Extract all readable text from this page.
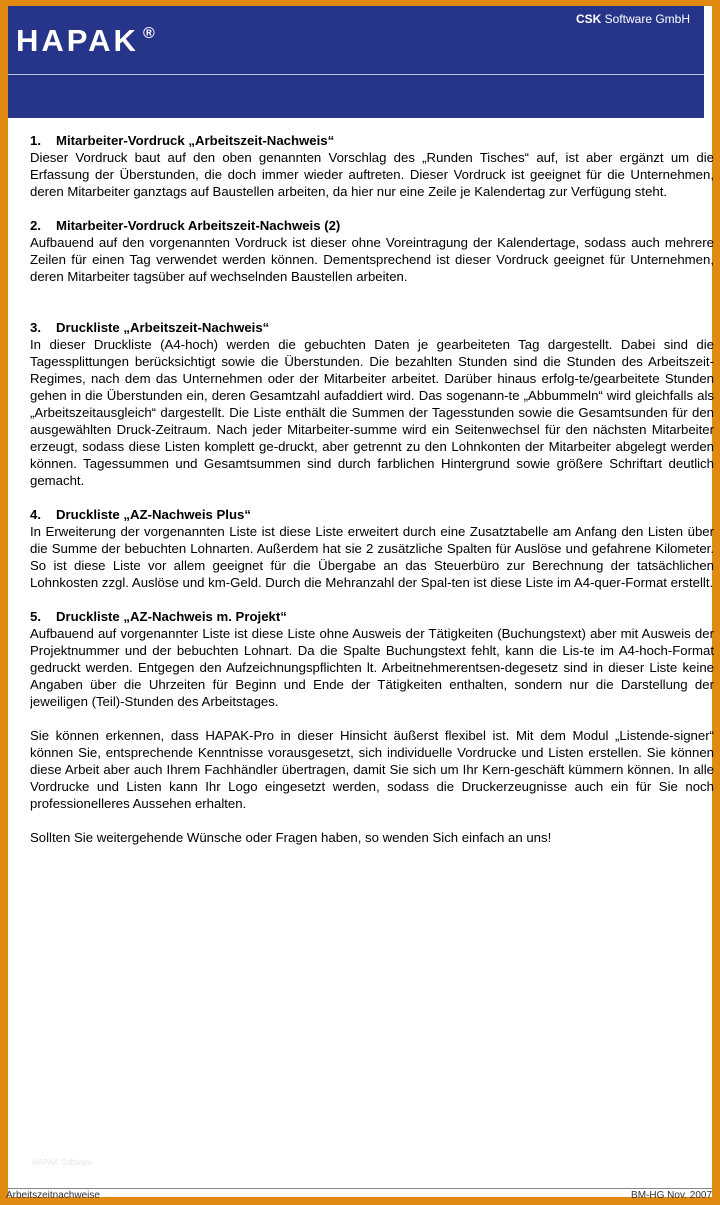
HAPAK ®
CSK Software GmbH
1. Mitarbeiter-Vordruck „Arbeitszeit-Nachweis“

Dieser Vordruck baut auf den oben genannten Vorschlag des „Runden Tisches“ auf, ist aber ergänzt um die Erfassung der Überstunden, die doch immer wieder auftreten. Dieser Vordruck ist geeignet für die Unternehmen, deren Mitarbeiter ganztags auf Baustellen arbeiten, da hier nur eine Zeile je Kalendertag zur Verfügung steht.

2. Mitarbeiter-Vordruck Arbeitszeit-Nachweis (2)

Aufbauend auf den vorgenannten Vordruck ist dieser ohne Voreintragung der Kalendertage, sodass auch mehrere Zeilen für einen Tag verwendet werden können. Dementsprechend ist dieser Vordruck geeignet für Unternehmen, deren Mitarbeiter tagsüber auf wechselnden Baustellen arbeiten.

3. Druckliste „Arbeitszeit-Nachweis“

In dieser Druckliste (A4-hoch) werden die gebuchten Daten je gearbeiteten Tag dargestellt. Dabei sind die Tagessplittungen berücksichtigt sowie die Überstunden. Die bezahlten Stunden sind die Stunden des Arbeitszeit-Regimes, nach dem das Unternehmen oder der Mitarbeiter arbeitet. Darüber hinaus erfolg-te/gearbeitete Stunden gehen in die Überstunden ein, deren Gesamtzahl aufaddiert wird. Das sogenann-te „Abbummeln“ wird gleichfalls als „Arbeitszeitausgleich“ dargestellt. Die Liste enthält die Summen der Tagesstunden sowie die Gesamtsunden für den ausgewählten Druck-Zeitraum. Nach jeder Mitarbeiter-summe wird ein Seitenwechsel für den nächsten Mitarbeiter erzeugt, sodass diese Listen komplett ge-druckt, aber getrennt zu den Lohnkonten der Mitarbeiter abgelegt werden können. Tagessummen und Gesamtsummen sind durch farblichen Hintergrund sowie größere Schriftart deutlich gemacht.

4. Druckliste „AZ-Nachweis Plus“

In Erweiterung der vorgenannten Liste ist diese Liste erweitert durch eine Zusatztabelle am Anfang den Listen über die Summe der bebuchten Lohnarten. Außerdem hat sie 2 zusätzliche Spalten für Auslöse und gefahrene Kilometer. So ist diese Liste vor allem geeignet für die Übergabe an das Steuerbüro zur Berechnung der tatsächlichen Lohnkosten zzgl. Auslöse und km-Geld. Durch die Mehranzahl der Spal-ten ist diese Liste im A4-quer-Format erstellt.

5. Druckliste „AZ-Nachweis m. Projekt“

Aufbauend auf vorgenannter Liste ist diese Liste ohne Ausweis der Tätigkeiten (Buchungstext) aber mit Ausweis der Projektnummer und der bebuchten Lohnart. Da die Spalte Buchungstext fehlt, kann die Lis-te im A4-hoch-Format gedruckt werden. Entgegen den Aufzeichnungspflichten lt. Arbeitnehmerentsen-degesetz sind in dieser Liste keine Angaben über die Uhrzeiten für Beginn und Ende der Tätigkeiten enthalten, sondern nur die Darstellung der jeweiligen (Teil)-Stunden des Arbeitstages.

Sie können erkennen, dass HAPAK-Pro in dieser Hinsicht äußerst flexibel ist. Mit dem Modul „Listende-signer“ können Sie, entsprechende Kenntnisse vorausgesetzt, sich individuelle Vordrucke und Listen erstellen. Sie können diese Arbeit aber auch Ihrem Fachhändler übertragen, damit Sie sich um Ihr Kern-geschäft kümmern können. In alle Vordrucke und Listen kann Ihr Logo eingesetzt werden, sodass die Druckerzeugnisse auch ein für Sie noch professionelleres Aussehen erhalten.

Sollten Sie weitergehende Wünsche oder Fragen haben, so wenden Sich einfach an uns!

HAPAK Software
Arbeitszeitnachweise	BM-HG Nov. 2007
